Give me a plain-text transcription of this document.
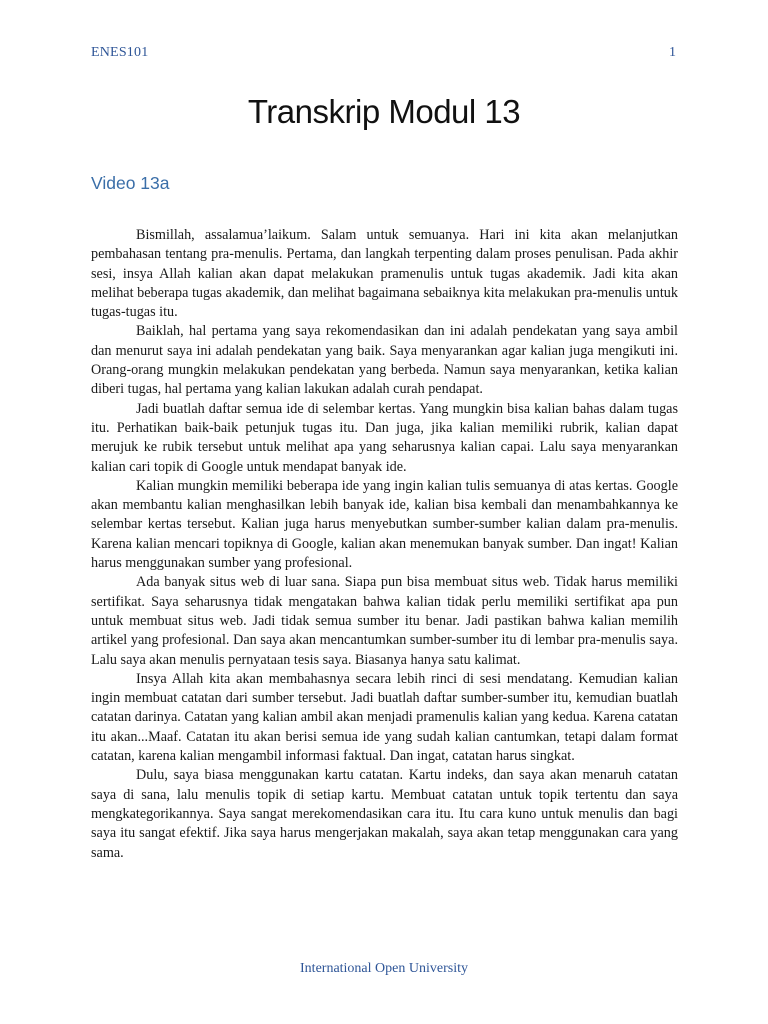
ENES101	1
Transkrip Modul 13
Video 13a

Bismillah, assalamua’laikum. Salam untuk semuanya. Hari ini kita akan melanjutkan pembahasan tentang pra-menulis. Pertama, dan langkah terpenting dalam proses penulisan. Pada akhir sesi, insya Allah kalian akan dapat melakukan pramenulis untuk tugas akademik. Jadi kita akan melihat beberapa tugas akademik, dan melihat bagaimana sebaiknya kita melakukan pra-menulis untuk tugas-tugas itu.

Baiklah, hal pertama yang saya rekomendasikan dan ini adalah pendekatan yang saya ambil dan menurut saya ini adalah pendekatan yang baik. Saya menyarankan agar kalian juga mengikuti ini. Orang-orang mungkin melakukan pendekatan yang berbeda. Namun saya menyarankan, ketika kalian diberi tugas, hal pertama yang kalian lakukan adalah curah pendapat.

Jadi buatlah daftar semua ide di selembar kertas. Yang mungkin bisa kalian bahas dalam tugas itu. Perhatikan baik-baik petunjuk tugas itu. Dan juga, jika kalian memiliki rubrik, kalian dapat merujuk ke rubik tersebut untuk melihat apa yang seharusnya kalian capai. Lalu saya menyarankan kalian cari topik di Google untuk mendapat banyak ide.

Kalian mungkin memiliki beberapa ide yang ingin kalian tulis semuanya di atas kertas. Google akan membantu kalian menghasilkan lebih banyak ide, kalian bisa kembali dan menambahkannya ke selembar kertas tersebut. Kalian juga harus menyebutkan sumber-sumber kalian dalam pra-menulis. Karena kalian mencari topiknya di Google, kalian akan menemukan banyak sumber. Dan ingat! Kalian harus menggunakan sumber yang profesional.

Ada banyak situs web di luar sana. Siapa pun bisa membuat situs web. Tidak harus memiliki sertifikat. Saya seharusnya tidak mengatakan bahwa kalian tidak perlu memiliki sertifikat apa pun untuk membuat situs web. Jadi tidak semua sumber itu benar. Jadi pastikan bahwa kalian memilih artikel yang profesional. Dan saya akan mencantumkan sumber-sumber itu di lembar pra-menulis saya. Lalu saya akan menulis pernyataan tesis saya. Biasanya hanya satu kalimat.

Insya Allah kita akan membahasnya secara lebih rinci di sesi mendatang. Kemudian kalian ingin membuat catatan dari sumber tersebut. Jadi buatlah daftar sumber-sumber itu, kemudian buatlah catatan darinya. Catatan yang kalian ambil akan menjadi pramenulis kalian yang kedua. Karena catatan itu akan...Maaf. Catatan itu akan berisi semua ide yang sudah kalian cantumkan, tetapi dalam format catatan, karena kalian mengambil informasi faktual. Dan ingat, catatan harus singkat.

Dulu, saya biasa menggunakan kartu catatan. Kartu indeks, dan saya akan menaruh catatan saya di sana, lalu menulis topik di setiap kartu. Membuat catatan untuk topik tertentu dan saya mengkategorikannya. Saya sangat merekomendasikan cara itu. Itu cara kuno untuk menulis dan bagi saya itu sangat efektif. Jika saya harus mengerjakan makalah, saya akan tetap menggunakan cara yang sama.

International Open University
